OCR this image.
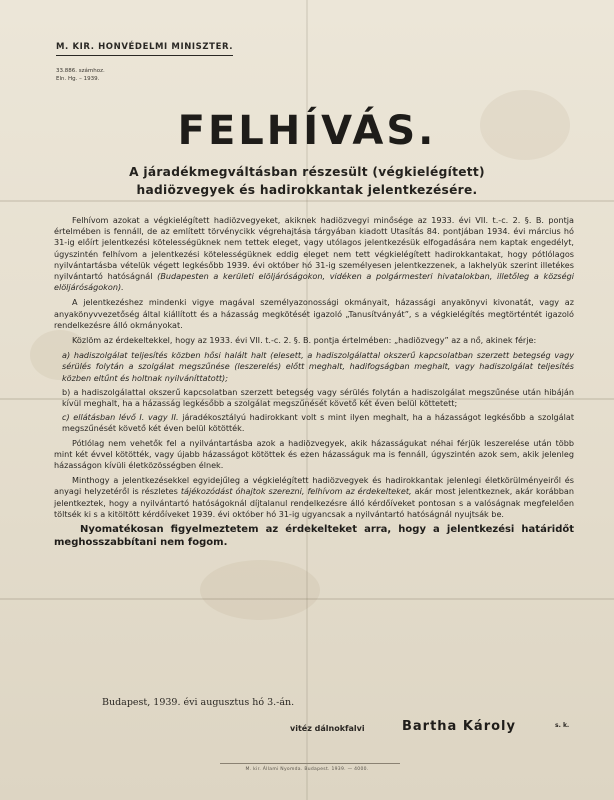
M. KIR. HONVÉDELMI MINISZTER.
33.886. számhoz.
Eln. Hg. – 1939.
FELHÍVÁS.
A járadékmegváltásban részesült (végkielégített)
hadiözvegyek és hadirokkantak jelentkezésére.

Felhívom azokat a végkielégített hadiözvegyeket, akiknek hadiözvegyi minősége az 1933. évi VII. t.-c. 2. §. B. pontja értelmében is fennáll, de az említett törvénycikk végrehajtása tárgyában kiadott Utasítás 84. pontjában 1934. évi március hó 31-ig előírt jelentkezési kötelességüknek nem tettek eleget, vagy utólagos jelentkezésük elfogadására nem kaptak engedélyt, úgyszintén felhívom a jelentkezési kötelességüknek eddig eleget nem tett végkielégített hadirokkantakat, hogy pótlólagos nyilvántartásba vételük végett legkésőbb 1939. évi október hó 31-ig személyesen jelentkezzenek, a lakhelyük szerint illetékes nyilvántartó hatóságnál (Budapesten a kerületi elöljáróságokon, vidéken a polgármesteri hivatalokban, illetőleg a községi elöljáróságokon).

A jelentkezéshez mindenki vigye magával személyazonossági okmányait, házassági anyakönyvi kivonatát, vagy az anyakönyvvezetőség által kiállított és a házasság megkötését igazoló „Tanusítványát”, s a végkielégítés megtörténtét igazoló rendelkezésre álló okmányokat.

Közlöm az érdekeltekkel, hogy az 1933. évi VII. t.-c. 2. §. B. pontja értelmében: „hadiözvegy” az a nő, akinek férje:

a) hadiszolgálat teljesítés közben hősi halált halt (elesett, a hadiszolgálattal okszerű kapcsolatban szerzett betegség vagy sérülés folytán a szolgálat megszűnése (leszerelés) előtt meghalt, hadifogságban meghalt, vagy hadiszolgálat teljesítés közben eltűnt és holtnak nyilváníttatott);

b) a hadiszolgálattal okszerű kapcsolatban szerzett betegség vagy sérülés folytán a hadiszolgálat megszűnése után hibáján kívül meghalt, ha a házasság legkésőbb a szolgálat megszűnését követő két éven belül köttetett;

c) ellátásban lévő I. vagy II. járadékosztályú hadirokkant volt s mint ilyen meghalt, ha a házasságot legkésőbb a szolgálat megszűnését követő két éven belül kötötték.

Pótlólag nem vehetők fel a nyilvántartásba azok a hadiözvegyek, akik házasságukat néhai férjük leszerelése után több mint két évvel kötötték, vagy újabb házasságot kötöttek és ezen házasságuk ma is fennáll, úgyszintén azok sem, akik jelenleg házasságon kívüli életközösségben élnek.

Minthogy a jelentkezésekkel egyidejűleg a végkielégített hadiözvegyek és hadirokkantak jelenlegi életkörülményeiről és anyagi helyzetéről is részletes tájékozódást óhajtok szerezni, felhívom az érdekelteket, akár most jelentkeznek, akár korábban jelentkeztek, hogy a nyilvántartó hatóságoknál díjtalanul rendelkezésre álló kérdőíveket pontosan s a valóságnak megfelelően töltsék ki s a kitöltött kérdőíveket 1939. évi október hó 31-ig ugyancsak a nyilvántartó hatóságnál nyujtsák be.

Nyomatékosan figyelmeztetem az érdekelteket arra, hogy a jelentkezési határidőt meghosszabbítani nem fogom.

Budapest, 1939. évi augusztus hó 3.-án.
vitéz dálnokfalvi	Bartha Károly	s. k.
M. kir. Állami Nyomda. Budapest. 1939. — 4000.
